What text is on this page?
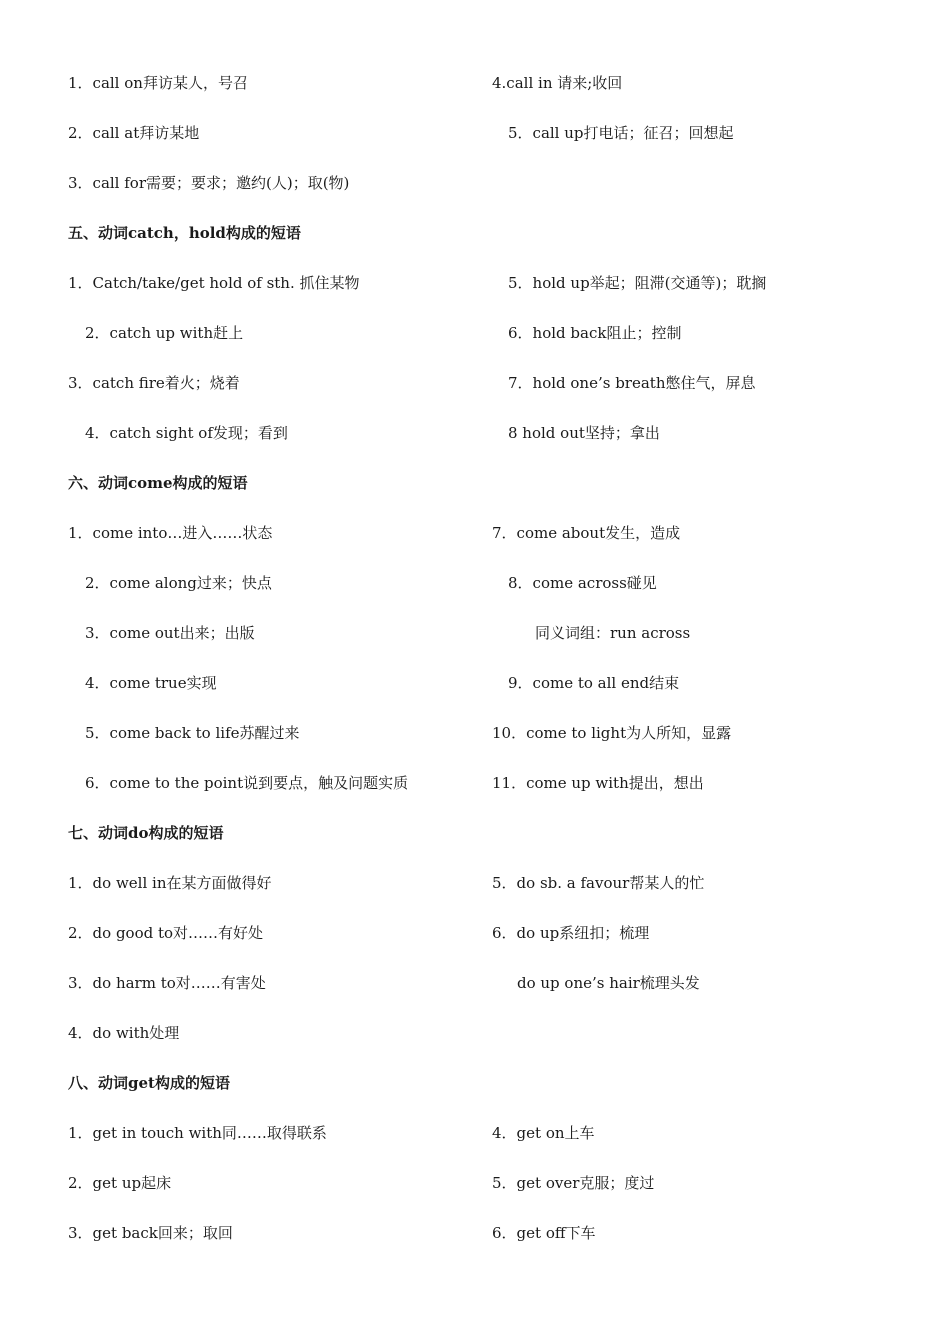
1．call on拜访某人，号召
2．call at拜访某地
3．call for需要；要求；邀约(人)；取(物)
4.call in 请来;收回
5．call up打电话；征召；回想起
五、动词catch，hold构成的短语
1．Catch/take/get hold of sth. 抓住某物
2．catch up with赶上
3．catch fire着火；烧着
4．catch sight of发现；看到
5．hold up举起；阻滞(交通等)；耽搁
6．hold back阻止；控制
7．hold one’s breath憋住气，屏息
8 hold out坚持；拿出
六、动词come构成的短语
1．come into…进入……状态
2．come along过来；快点
3．come out出来；出版
4．come true实现
5．come back to life苏醒过来
6．come to the point说到要点，触及问题实质
7．come about发生，造成
8．come across碰见
同义词组：run across
9．come to all end结束
10．come to light为人所知，显露
11．come up with提出，想出
七、动词do构成的短语
1．do well in在某方面做得好
2．do good to对……有好处
3．do harm to对……有害处
4．do with处理
5．do sb. a favour帮某人的忙
6．do up系纽扣；梳理
do up one’s hair梳理头发
八、动词get构成的短语
1．get in touch with同……取得联系
2．get up起床
3．get back回来；取回
4．get on上车
5．get over克服；度过
6．get off下车
